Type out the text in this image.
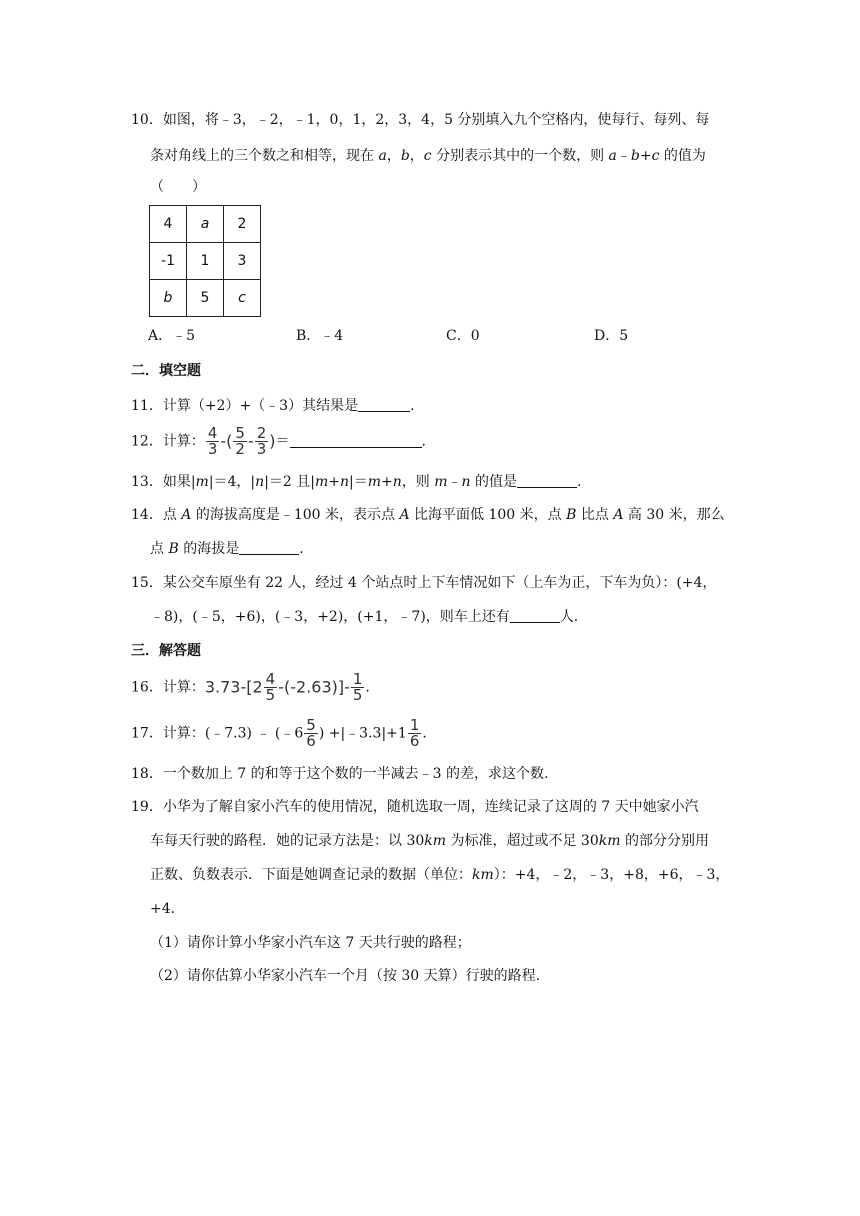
10．如图，将﹣3，﹣2，﹣1，0，1，2，3，4，5 分别填入九个空格内，使每行、每列、每
条对角线上的三个数之和相等，现在 a，b，c 分别表示其中的一个数，则 a﹣b+c 的值为
（　　）
4	a	2
-1	1	3
b	5	c
A．﹣5	B．﹣4	C．0	D．5
二．填空题
11．计算（+2）+（﹣3）其结果是	.
12．计算： $\frac{4}{3}$ -( $\frac{5}{2} - \frac{2}{3}$ )＝	.
13．如果|m|＝4，|n|＝2 且|m+n|＝m+n，则 m﹣n 的值是	.
14．点 A 的海拔高度是﹣100 米，表示点 A 比海平面低 100 米，点 B 比点 A 高 30 米，那么
点 B 的海拔是	.
15．某公交车原坐有 22 人，经过 4 个站点时上下车情况如下（上车为正，下车为负）：(+4，
﹣8)，(﹣5，+6)，(﹣3，+2)，(+1，﹣7)，则车上还有	人.
三．解答题
16．计算：$3.73-[2 \frac{4}{5} -(-2.63)]- \frac{1}{5}$ .
17．计算：(﹣7.3) ﹣ (﹣6 $\frac{5}{6}$ ) +|﹣3.3|+1 $\frac{1}{6}$ .
18．一个数加上 7 的和等于这个数的一半减去﹣3 的差，求这个数.
19．小华为了解自家小汽车的使用情况，随机选取一周，连续记录了这周的 7 天中她家小汽
车每天行驶的路程．她的记录方法是：以 30km 为标准，超过或不足 30km 的部分分别用
正数、负数表示．下面是她调查记录的数据（单位：km）：+4，﹣2，﹣3，+8，+6，﹣3，
+4．
（1）请你计算小华家小汽车这 7 天共行驶的路程；
（2）请你估算小华家小汽车一个月（按 30 天算）行驶的路程.
